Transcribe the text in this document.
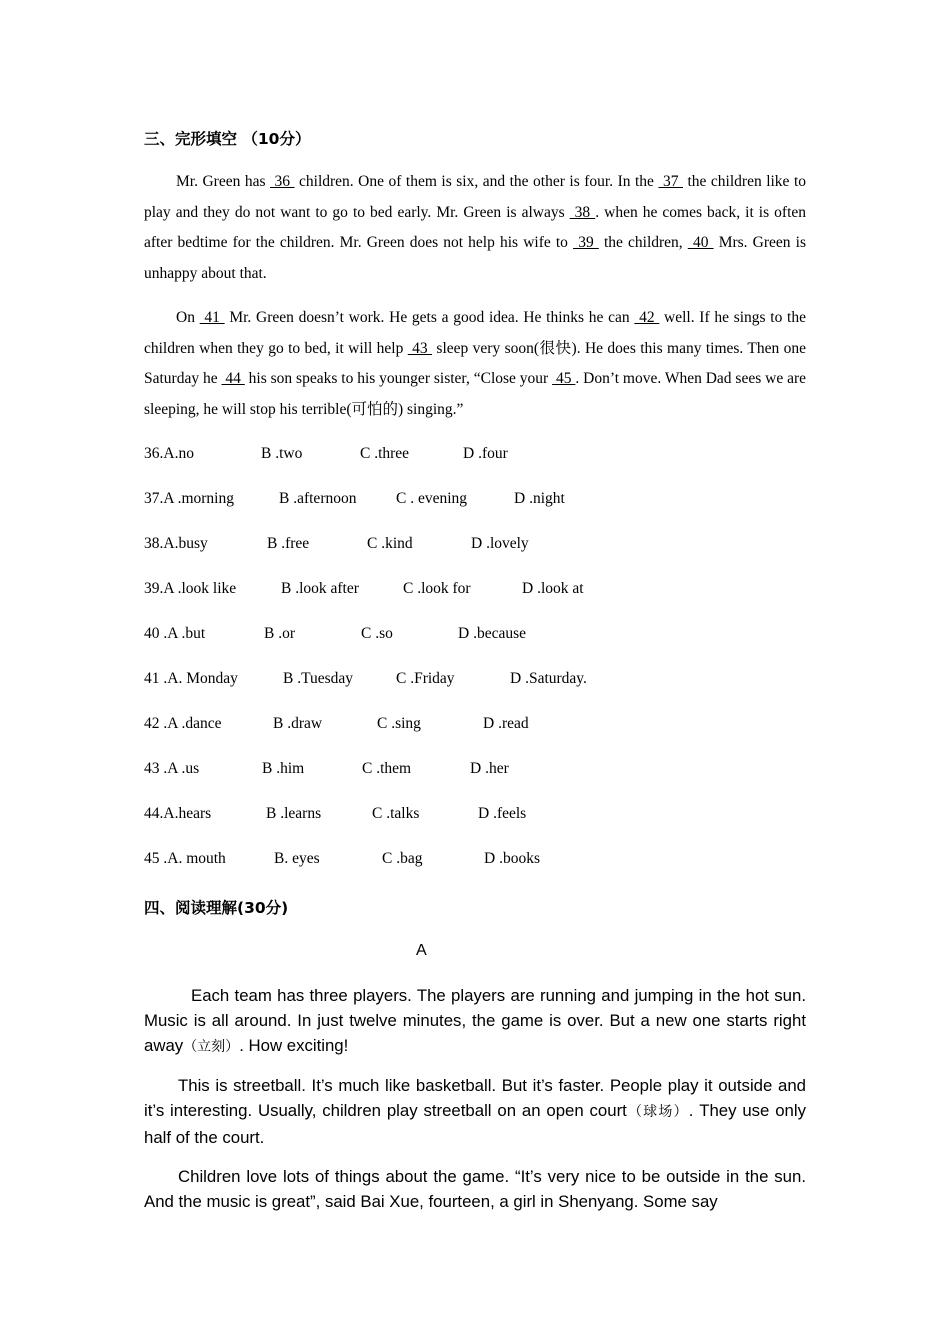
三、完形填空 （10分）
Mr. Green has  36  children. One of them is six, and the other is four. In the  37  the children like to play and they do not want to go to bed early. Mr. Green is always  38 . when he comes back, it is often after bedtime for the children. Mr. Green does not help his wife to  39  the children,  40  Mrs. Green is unhappy about that.
On  41  Mr. Green doesn’t work. He gets a good idea. He thinks he can  42  well. If he sings to the children when they go to bed, it will help  43  sleep very soon(很快). He does this many times. Then one Saturday he  44  his son speaks to his younger sister, “Close your  45 . Don’t move. When Dad sees we are sleeping, he will stop his terrible(可怕的) singing.”
36.A.no	B .two	C .three	D .four
37.A .morning	B .afternoon	C . evening	D .night
38.A.busy	B .free	C .kind	D .lovely
39.A .look like	B .look after	C .look for	D .look at
40 .A .but	B .or	C .so	D .because
41 .A. Monday	B .Tuesday	C .Friday	D .Saturday.
42 .A .dance	B .draw	C .sing	D .read
43 .A .us	B .him	C .them	D .her
44.A.hears	B .learns	C .talks	D .feels
45 .A. mouth	B. eyes	C .bag	D .books
四、阅读理解(30分)
A
Each team has three players. The players are running and jumping in the hot sun. Music is all around. In just twelve minutes, the game is over. But a new one starts right away（立刻）. How exciting!
This is streetball. It’s much like basketball. But it’s faster. People play it outside and it’s interesting. Usually, children play streetball on an open court（球场）. They use only half of the court.
Children love lots of things about the game. “It’s very nice to be outside in the sun. And the music is great”, said Bai Xue, fourteen, a girl in Shenyang. Some say
